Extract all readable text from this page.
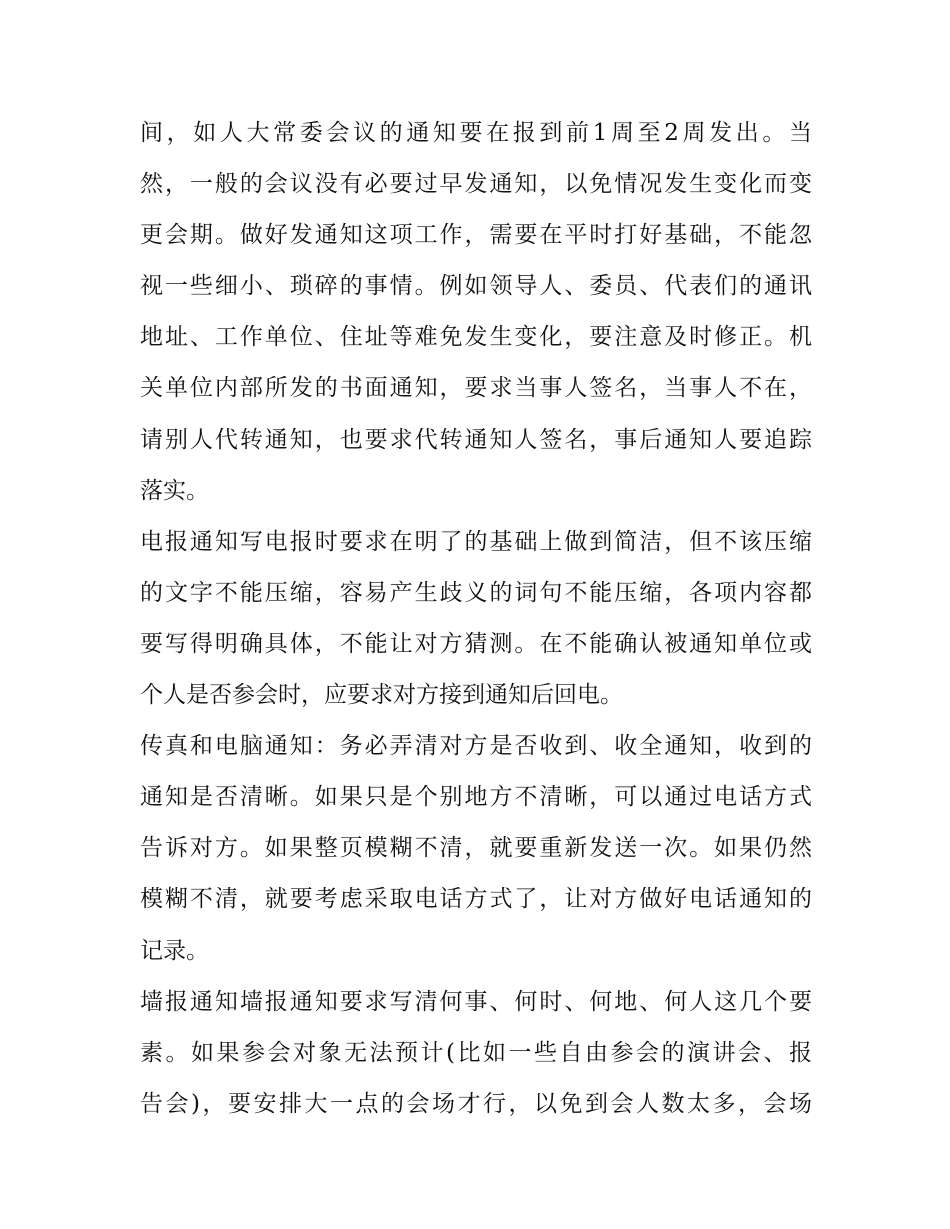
间，如人大常委会议的通知要在报到前1周至2周发出。当
然，一般的会议没有必要过早发通知，以免情况发生变化而变
更会期。做好发通知这项工作，需要在平时打好基础，不能忽
视一些细小、琐碎的事情。例如领导人、委员、代表们的通讯
地址、工作单位、住址等难免发生变化，要注意及时修正。机
关单位内部所发的书面通知，要求当事人签名，当事人不在，
请别人代转通知，也要求代转通知人签名，事后通知人要追踪
落实。
电报通知写电报时要求在明了的基础上做到简洁，但不该压缩
的文字不能压缩，容易产生歧义的词句不能压缩，各项内容都
要写得明确具体，不能让对方猜测。在不能确认被通知单位或
个人是否参会时，应要求对方接到通知后回电。
传真和电脑通知：务必弄清对方是否收到、收全通知，收到的
通知是否清晰。如果只是个别地方不清晰，可以通过电话方式
告诉对方。如果整页模糊不清，就要重新发送一次。如果仍然
模糊不清，就要考虑采取电话方式了，让对方做好电话通知的
记录。
墙报通知墙报通知要求写清何事、何时、何地、何人这几个要
素。如果参会对象无法预计(比如一些自由参会的演讲会、报
告会)，要安排大一点的会场才行，以免到会人数太多，会场
